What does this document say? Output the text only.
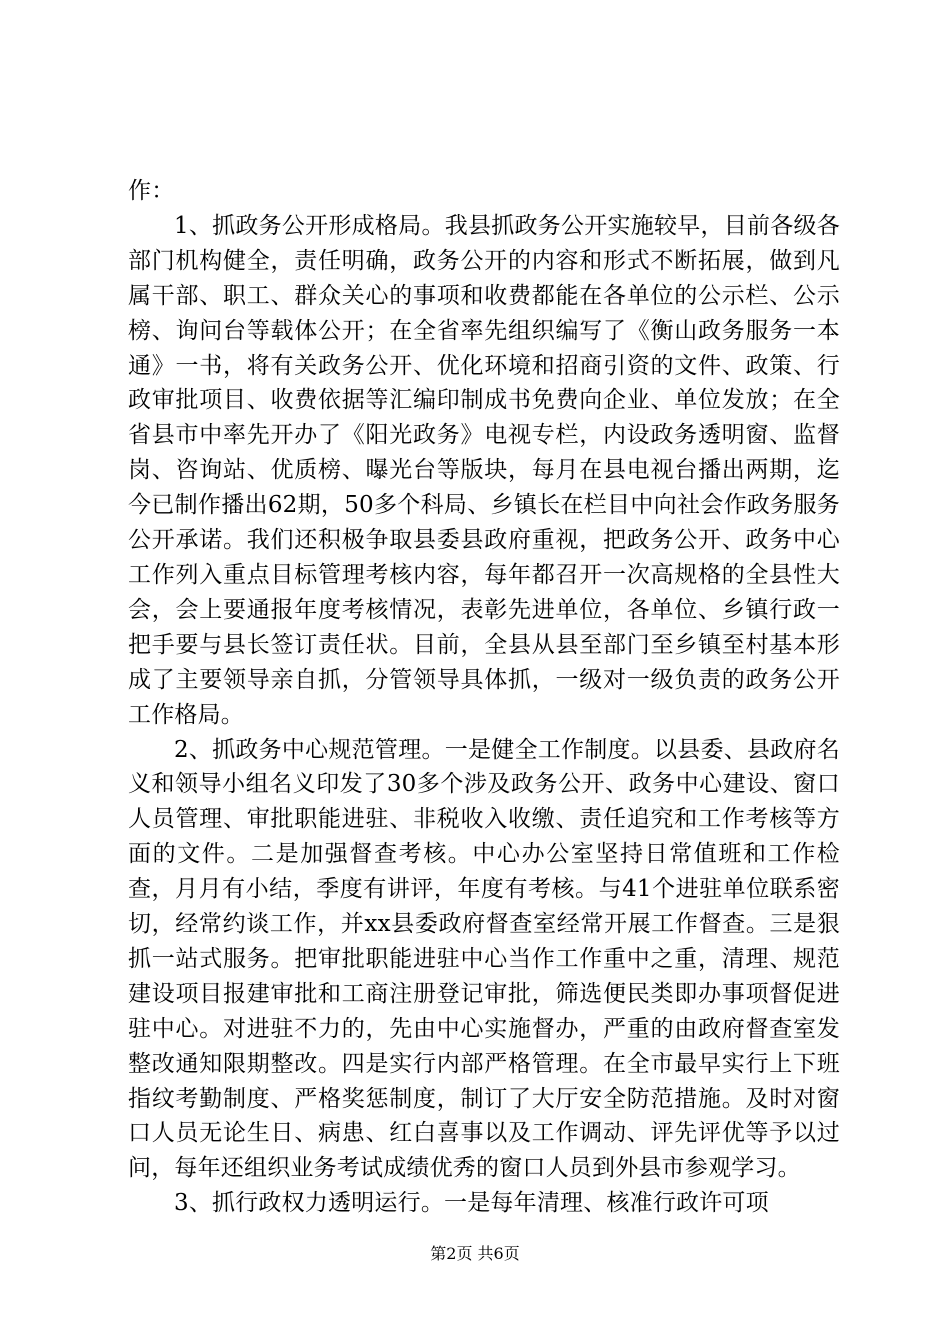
作：

1、抓政务公开形成格局。我县抓政务公开实施较早，目前各级各部门机构健全，责任明确，政务公开的内容和形式不断拓展，做到凡属干部、职工、群众关心的事项和收费都能在各单位的公示栏、公示榜、询问台等载体公开；在全省率先组织编写了《衡山政务服务一本通》一书，将有关政务公开、优化环境和招商引资的文件、政策、行政审批项目、收费依据等汇编印制成书免费向企业、单位发放；在全省县市中率先开办了《阳光政务》电视专栏，内设政务透明窗、监督岗、咨询站、优质榜、曝光台等版块，每月在县电视台播出两期，迄今已制作播出62期，50多个科局、乡镇长在栏目中向社会作政务服务公开承诺。我们还积极争取县委县政府重视，把政务公开、政务中心工作列入重点目标管理考核内容，每年都召开一次高规格的全县性大会，会上要通报年度考核情况，表彰先进单位，各单位、乡镇行政一把手要与县长签订责任状。目前，全县从县至部门至乡镇至村基本形成了主要领导亲自抓，分管领导具体抓，一级对一级负责的政务公开工作格局。

2、抓政务中心规范管理。一是健全工作制度。以县委、县政府名义和领导小组名义印发了30多个涉及政务公开、政务中心建设、窗口人员管理、审批职能进驻、非税收入收缴、责任追究和工作考核等方面的文件。二是加强督查考核。中心办公室坚持日常值班和工作检查，月月有小结，季度有讲评，年度有考核。与41个进驻单位联系密切，经常约谈工作，并xx县委政府督查室经常开展工作督查。三是狠抓一站式服务。把审批职能进驻中心当作工作重中之重，清理、规范建设项目报建审批和工商注册登记审批，筛选便民类即办事项督促进驻中心。对进驻不力的，先由中心实施督办，严重的由政府督查室发整改通知限期整改。四是实行内部严格管理。在全市最早实行上下班指纹考勤制度、严格奖惩制度，制订了大厅安全防范措施。及时对窗口人员无论生日、病患、红白喜事以及工作调动、评先评优等予以过问，每年还组织业务考试成绩优秀的窗口人员到外县市参观学习。

3、抓行政权力透明运行。一是每年清理、核准行政许可项

第2页 共6页
